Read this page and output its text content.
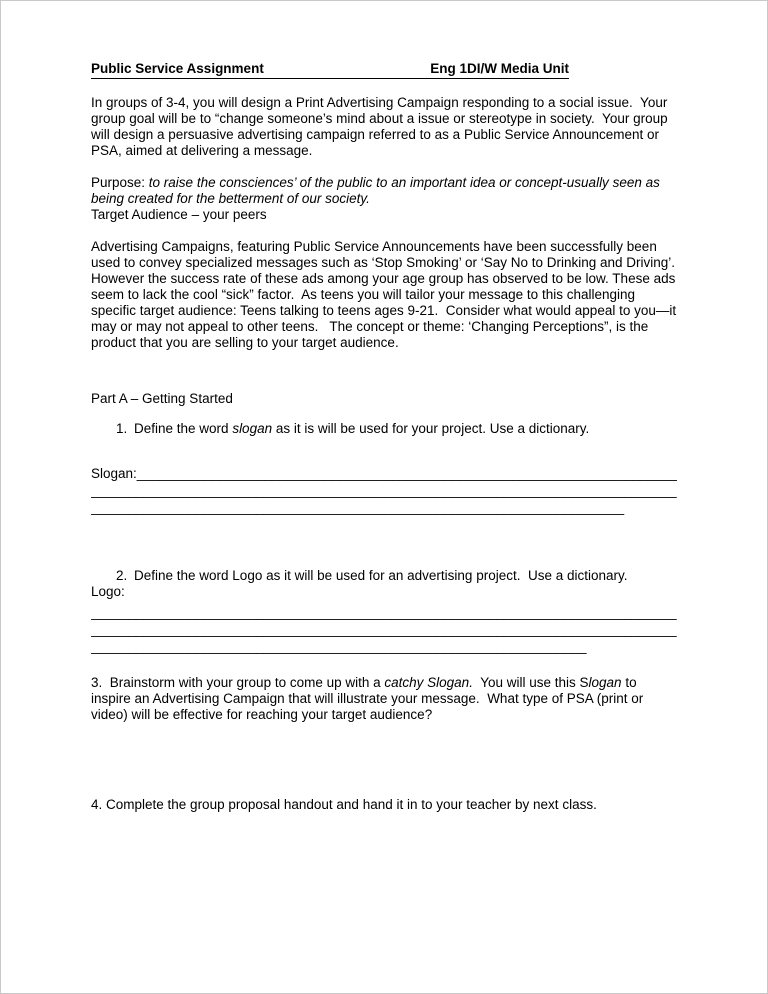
Public Service Assignment	Eng 1DI/W Media Unit

In groups of 3-4, you will design a Print Advertising Campaign responding to a social issue.  Your group goal will be to “change someone’s mind about a issue or stereotype in society.  Your group will design a persuasive advertising campaign referred to as a Public Service Announcement or PSA, aimed at delivering a message.

Purpose: to raise the consciences’ of the public to an important idea or concept-usually seen as being created for the betterment of our society.

Target Audience – your peers

Advertising Campaigns, featuring Public Service Announcements have been successfully been used to convey specialized messages such as ‘Stop Smoking’ or ‘Say No to Drinking and Driving’. However the success rate of these ads among your age group has observed to be low. These ads seem to lack the cool “sick” factor.  As teens you will tailor your message to this challenging specific target audience: Teens talking to teens ages 9-21.  Consider what would appeal to you—it may or may not appeal to other teens.   The concept or theme: ‘Changing Perceptions”, is the product that you are selling to your target audience.

Part A – Getting Started

1. Define the word slogan as it is will be used for your project. Use a dictionary.

Slogan:________________________________________________________________________

______________________________________________________________________________

_______________________________________________________________________

2. Define the word Logo as it will be used for an advertising project.  Use a dictionary.

Logo:

______________________________________________________________________________

______________________________________________________________________________

__________________________________________________________________

3.  Brainstorm with your group to come up with a catchy Slogan.  You will use this Slogan to inspire an Advertising Campaign that will illustrate your message.  What type of PSA (print or video) will be effective for reaching your target audience?

4. Complete the group proposal handout and hand it in to your teacher by next class.
